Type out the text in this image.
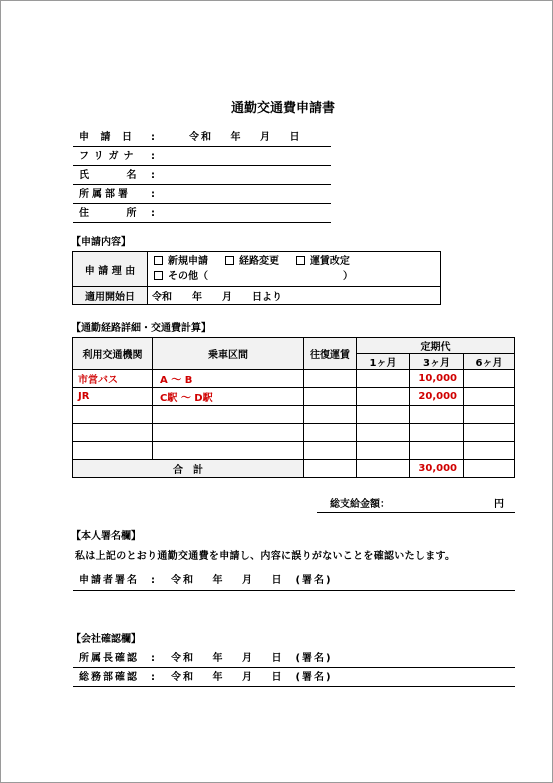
通勤交通費申請書
申 請 日 :	令和　 年　 月　 日
フリガナ :
氏　 名 :
所属部署 :
住　 所 :
【申請内容】
申 請 理 由	新規申請 経路変更 運賃改定
その他（ ）

適用開始日	令和　　年　　月　　日より
【通勤経路詳細・交通費計算】
利用交通機関	乗車区間	往復運賃	定期代		
			1ヶ月	3ヶ月	6ヶ月
市営バス	A ～ B			10,000	
JR	C駅 ～ D駅			20,000	

合　計				30,000	
総支給金額：	円
【本人署名欄】
私は上記のとおり通勤交通費を申請し、内容に誤りがないことを確認いたします。
申請者署名 : 令和　 年　 月　 日　(署名)
【会社確認欄】
所属長確認 : 令和　 年　 月　 日　(署名)
総務部確認 : 令和　 年　 月　 日　(署名)
